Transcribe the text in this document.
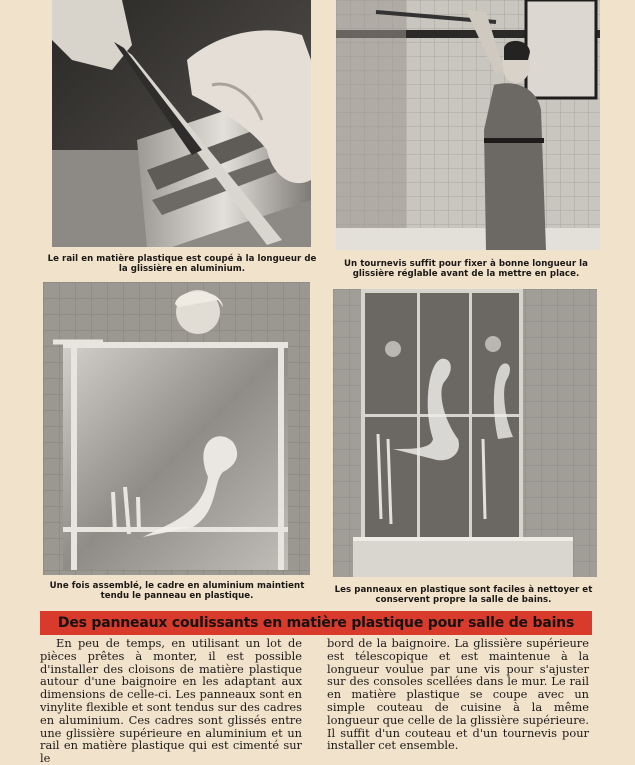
Le rail en matière plastique est coupé à la longueur de la glissière en aluminium.	Un tournevis suffit pour fixer à bonne longueur la glissière réglable avant de la mettre en place.
Une fois assemblé, le cadre en aluminium maintient tendu le panneau en plastique.
Les panneaux en plastique sont faciles à nettoyer et conservent propre la salle de bains.
Des panneaux coulissants en matière plastique pour salle de bains
En peu de temps, en utilisant un lot de pièces prêtes à monter, il est possible d'installer des cloisons de matière plastique autour d'une baignoire en les adaptant aux dimensions de celle-ci. Les panneaux sont en vinylite flexible et sont tendus sur des cadres en aluminium. Ces cadres sont glissés entre une glissière supérieure en aluminium et un rail en matière plastique qui est cimenté sur le
bord de la baignoire. La glissière supérieure est télescopique et est maintenue à la longueur voulue par une vis pour s'ajuster sur des consoles scellées dans le mur. Le rail en matière plastique se coupe avec un simple couteau de cuisine à la même longueur que celle de la glissière supérieure. Il suffit d'un couteau et d'un tournevis pour installer cet ensemble.
